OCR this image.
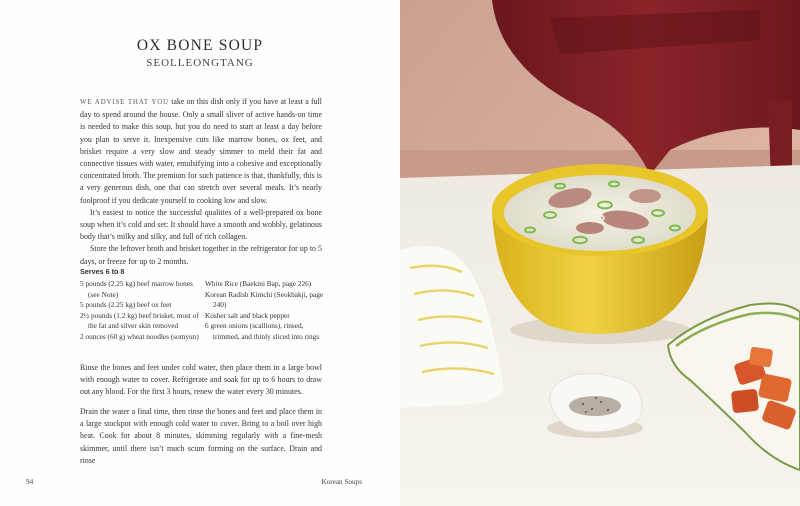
OX BONE SOUP
SEOLLEONGTANG

WE ADVISE THAT YOU take on this dish only if you have at least a full day to spend around the house. Only a small sliver of active hands-on time is needed to make this soup, but you do need to start at least a day before you plan to serve it. Inexpensive cuts like marrow bones, ox feet, and brisket require a very slow and steady simmer to meld their fat and connective tissues with water, emulsifying into a cohesive and exceptionally concentrated broth. The premium for such patience is that, thankfully, this is a very generous dish, one that can stretch over several meals. It’s nearly foolproof if you dedicate yourself to cooking low and slow.

It’s easiest to notice the successful qualities of a well-prepared ox bone soup when it’s cold and set: It should have a smooth and wobbly, gelatinous body that’s milky and silky, and full of rich collagen.

Store the leftover broth and brisket together in the refrigerator for up to 5 days, or freeze for up to 2 months.

Serves 6 to 8
5 pounds (2.25 kg) beef marrow bones (see Note)
5 pounds (2.25 kg) beef ox feet
2½ pounds (1.2 kg) beef brisket, most of the fat and silver skin removed
2 ounces (60 g) wheat noodles (somyun)
White Rice (Baekmi Bap, page 226)
Korean Radish Kimchi (Seokbakji, page 240)
Kosher salt and black pepper
6 green onions (scallions), rinsed, trimmed, and thinly sliced into rings
Rinse the bones and feet under cold water, then place them in a large bowl with enough water to cover. Refrigerate and soak for up to 6 hours to draw out any blood. For the first 3 hours, renew the water every 30 minutes.
Drain the water a final time, then rinse the bones and feet and place them in a large stockpot with enough cold water to cover. Bring to a boil over high heat. Cook for about 8 minutes, skimming regularly with a fine-mesh skimmer, until there isn’t much scum forming on the surface. Drain and rinse
94	Korean Soups
